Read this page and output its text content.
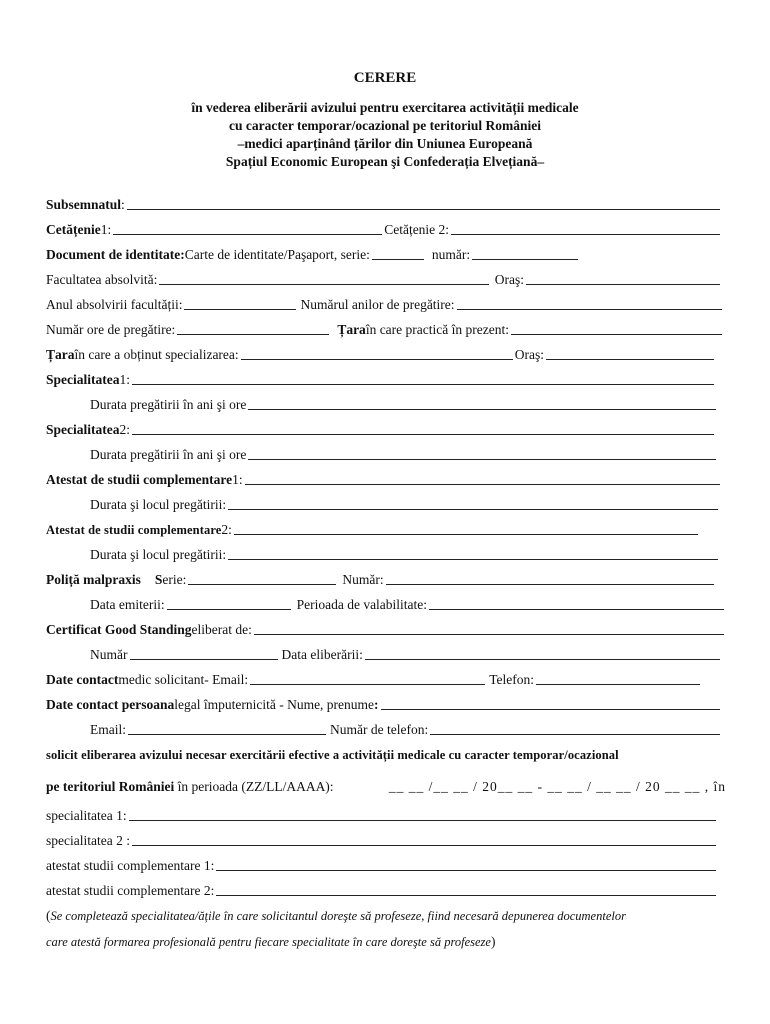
CERERE
în vederea eliberării avizului pentru exercitarea activității medicale
cu caracter temporar/ocazional pe teritoriul României
–medici aparținând țărilor din Uniunea Europeană
Spațiul Economic European şi Confederația Elvețiană–
Subsemnatul :
Cetățenie 1:	Cetățenie 2:
Document de identitate: Carte de identitate/Paşaport, serie:	număr:
Facultatea absolvită:	Oraş:
Anul absolvirii facultății:	Numărul anilor de pregătire:
Număr ore de pregătire:	Țara în care practică în prezent:
Țara în care a obținut specializarea:	Oraş:
Specialitatea 1:
Durata pregătirii în ani şi ore
Specialitatea 2:
Durata pregătirii în ani şi ore
Atestat de studii complementare 1:
Durata şi locul pregătirii:
Atestat de studii complementare 2:
Durata şi locul pregătirii:
Poliță malpraxis S erie:	Număr:
Data emiterii:	Perioada de valabilitate:
Certificat Good Standing eliberat de:
Număr	Data eliberării:
Date contact medic solicitant- Email:	Telefon:
Date contact persoana legal împuternicită - Nume, prenume :
Email:	Număr de telefon:
solicit eliberarea avizului necesar exercitării efective a activității medicale cu caracter temporar/ocazional
pe teritoriul României în perioada (ZZ/LL/AAAA):	__ __ /__ __ / 20__ __ - __ __ / __ __ / 20 __ __ , în
specialitatea 1:
specialitatea 2 :
atestat studii complementare 1:
atestat studii complementare 2:
( Se completează specialitatea/ățile în care solicitantul doreşte să profeseze, fiind necesară depunerea documentelor
care atestă formarea profesională pentru fiecare specialitate în care doreşte să profeseze )
